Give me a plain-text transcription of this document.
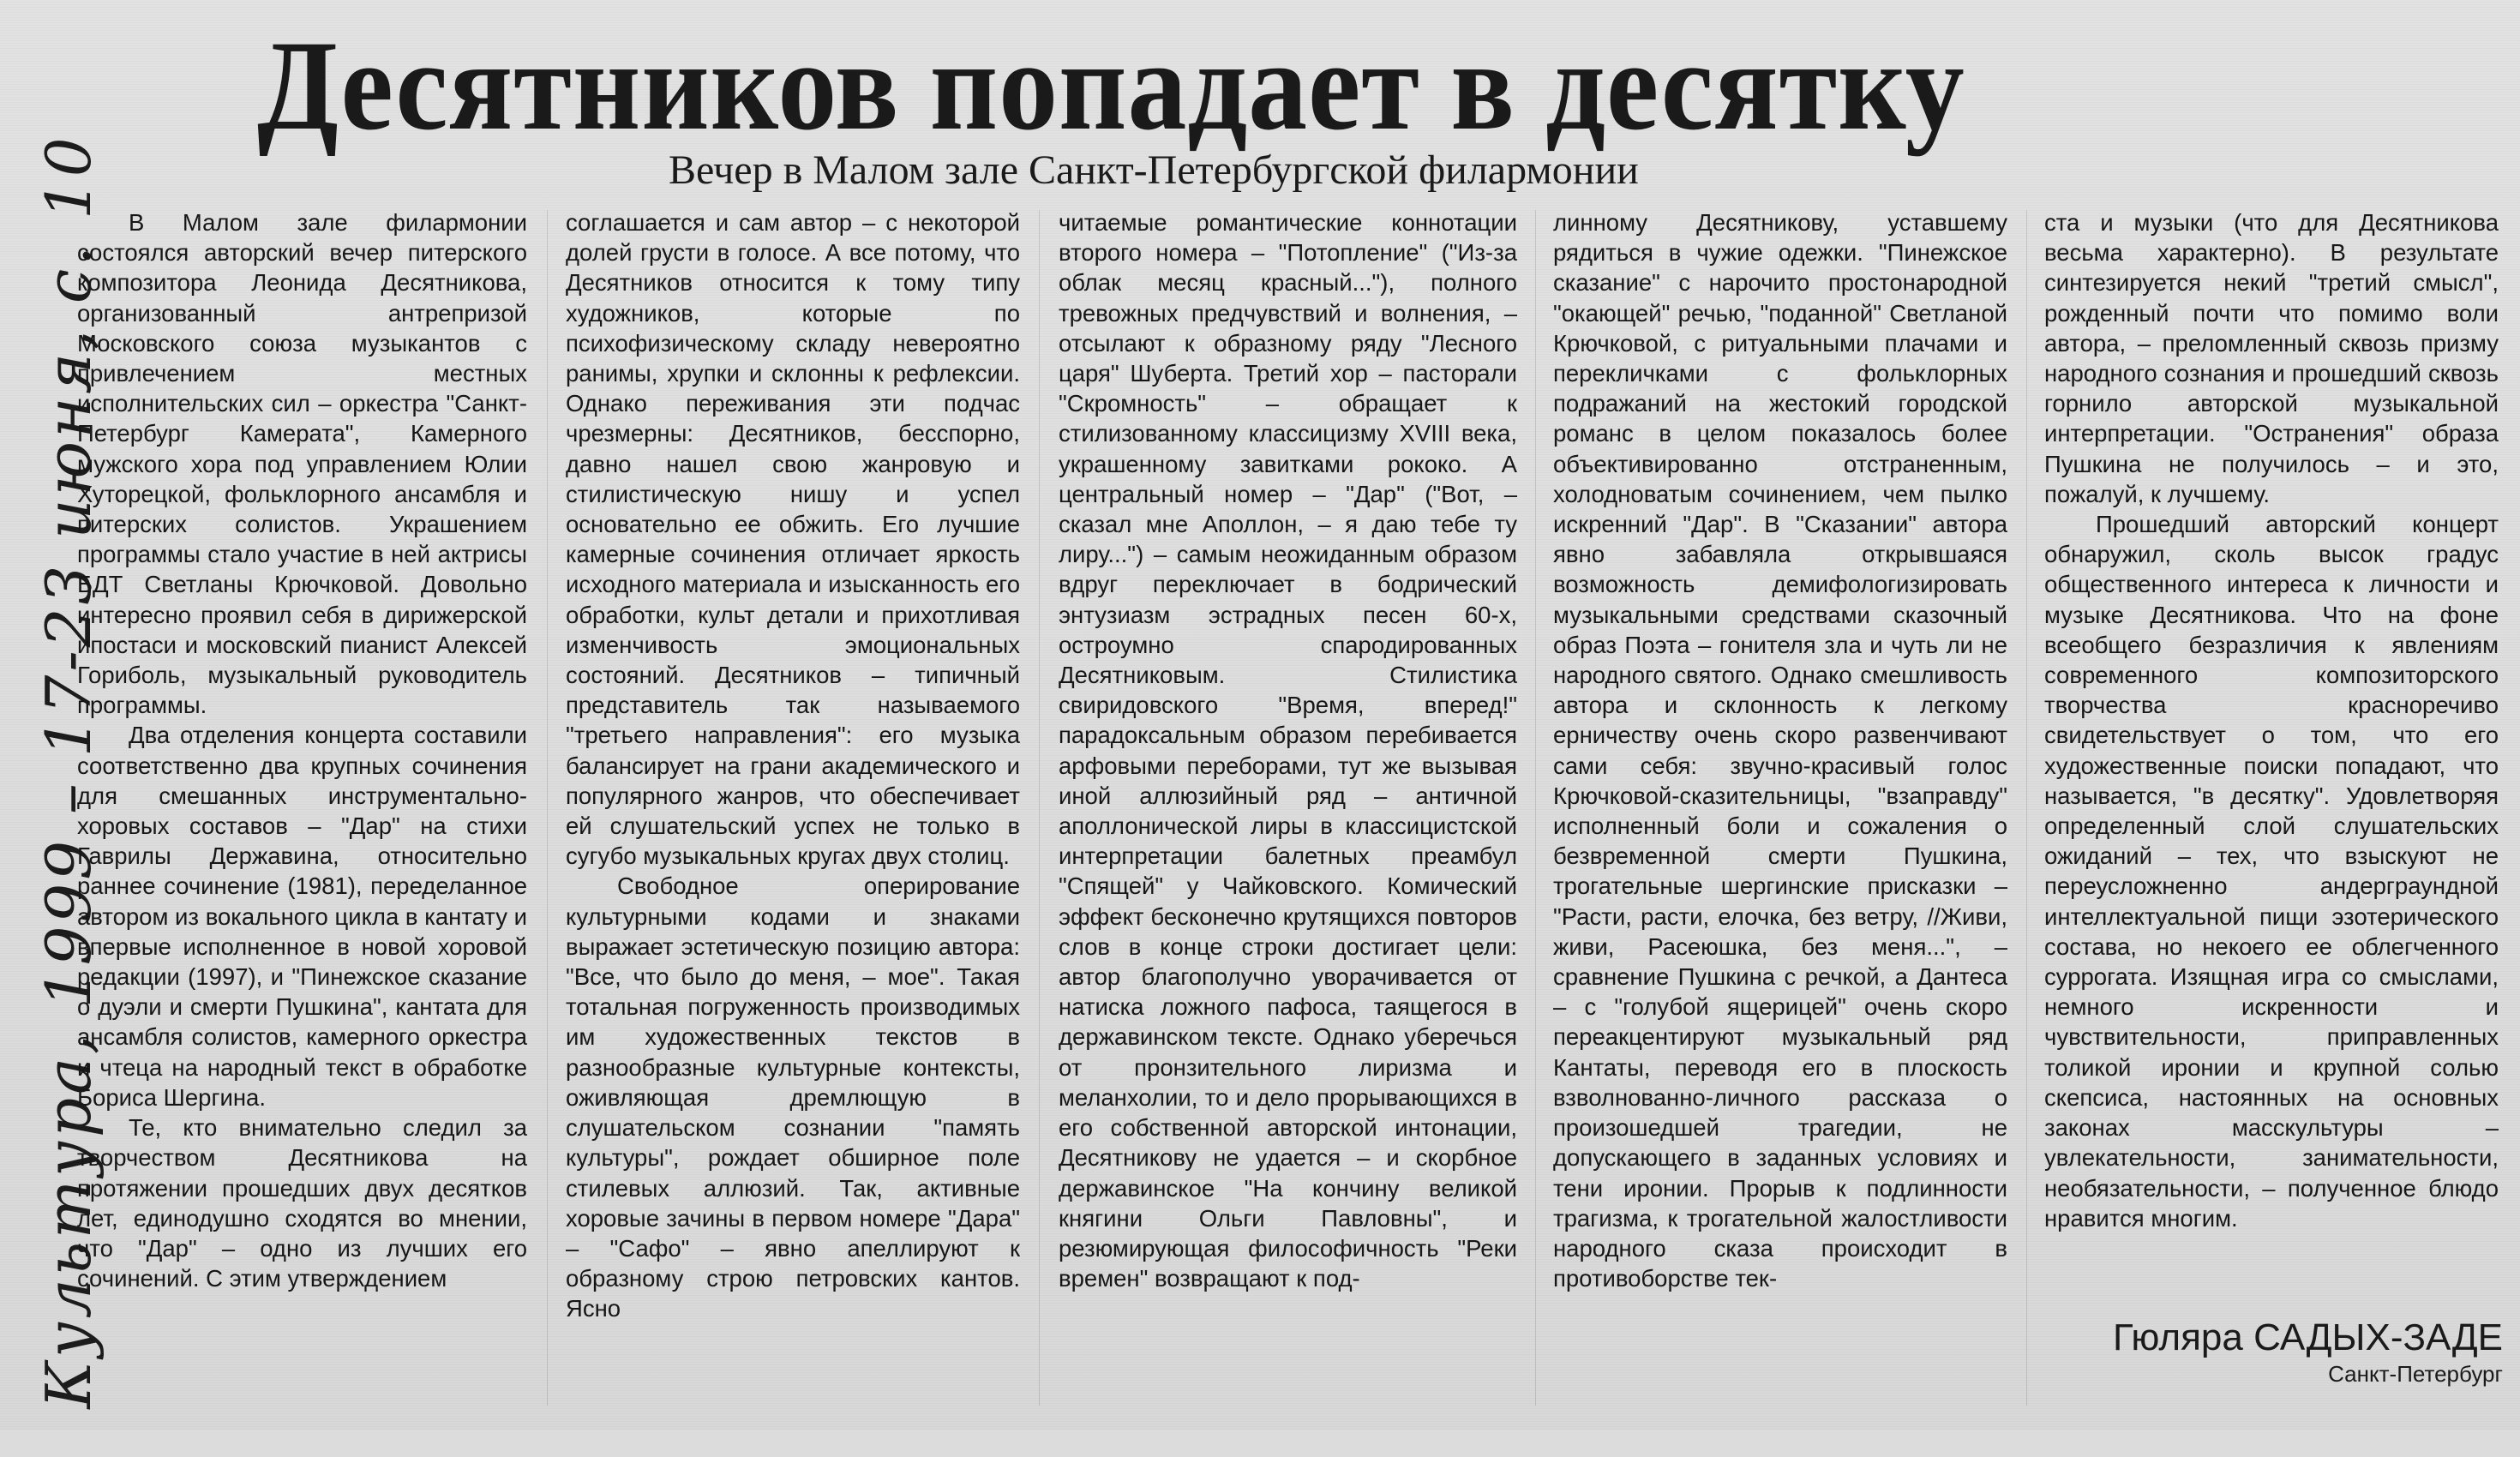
Десятников попадает в десятку
Вечер в Малом зале Санкт-Петербургской филармонии
Культура, 1999 – 17-23 июня, с. 10	В Малом зале филармонии состоялся авторский вечер питерского композитора Леонида Десятникова, организованный антрепризой Московского союза музыкантов с привлечением местных исполнительских сил – оркестра "Санкт-Петербург Камерата", Камерного мужского хора под управлением Юлии Хуторецкой, фольклорного ансамбля и питерских солистов. Украшением программы стало участие в ней актрисы БДТ Светланы Крючковой. Довольно интересно проявил себя в дирижерской ипостаси и московский пианист Алексей Гориболь, музыкальный руководитель программы.

Два отделения концерта составили соответственно два крупных сочинения для смешанных инструментально-хоровых составов – "Дар" на стихи Гаврилы Державина, относительно раннее сочинение (1981), переделанное автором из вокального цикла в кантату и впервые исполненное в новой хоровой редакции (1997), и "Пинежское сказание о дуэли и смерти Пушкина", кантата для ансамбля солистов, камерного оркестра и чтеца на народный текст в обработке Бориса Шергина.

Те, кто внимательно следил за творчеством Десятникова на протяжении прошедших двух десятков лет, единодушно сходятся во мнении, что "Дар" – одно из лучших его сочинений. С этим утверждением

соглашается и сам автор – с некоторой долей грусти в голосе. А все потому, что Десятников относится к тому типу художников, которые по психофизическому складу невероятно ранимы, хрупки и склонны к рефлексии. Однако переживания эти подчас чрезмерны: Десятников, бесспорно, давно нашел свою жанровую и стилистическую нишу и успел основательно ее обжить. Его лучшие камерные сочинения отличает яркость исходного материала и изысканность его обработки, культ детали и прихотливая изменчивость эмоциональных состояний. Десятников – типичный представитель так называемого "третьего направления": его музыка балансирует на грани академического и популярного жанров, что обеспечивает ей слушательский успех не только в сугубо музыкальных кругах двух столиц.

Свободное оперирование культурными кодами и знаками выражает эстетическую позицию автора: "Все, что было до меня, – мое". Такая тотальная погруженность производимых им художественных текстов в разнообразные культурные контексты, оживляющая дремлющую в слушательском сознании "память культуры", рождает обширное поле стилевых аллюзий. Так, активные хоровые зачины в первом номере "Дара" – "Сафо" – явно апеллируют к образному строю петровских кантов. Ясно

читаемые романтические коннотации второго номера – "Потопление" ("Из-за облак месяц красный..."), полного тревожных предчувствий и волнения, – отсылают к образному ряду "Лесного царя" Шуберта. Третий хор – пасторали "Скромность" – обращает к стилизованному классицизму XVIII века, украшенному завитками рококо. А центральный номер – "Дар" ("Вот, – сказал мне Аполлон, – я даю тебе ту лиру...") – самым неожиданным образом вдруг переключает в бодрический энтузиазм эстрадных песен 60-х, остроумно спародированных Десятниковым. Стилистика свиридовского "Время, вперед!" парадоксальным образом перебивается арфовыми переборами, тут же вызывая иной аллюзийный ряд – античной аполлонической лиры в классицистской интерпретации балетных преамбул "Спящей" у Чайковского. Комический эффект бесконечно крутящихся повторов слов в конце строки достигает цели: автор благополучно уворачивается от натиска ложного пафоса, таящегося в державинском тексте. Однако уберечься от пронзительного лиризма и меланхолии, то и дело прорывающихся в его собственной авторской интонации, Десятникову не удается – и скорбное державинское "На кончину великой княгини Ольги Павловны", и резюмирующая философичность "Реки времен" возвращают к под-

линному Десятникову, уставшему рядиться в чужие одежки. "Пинежское сказание" с нарочито простонародной "окающей" речью, "поданной" Светланой Крючковой, с ритуальными плачами и перекличками с фольклорных подражаний на жестокий городской романс в целом показалось более объективированно отстраненным, холодноватым сочинением, чем пылко искренний "Дар". В "Сказании" автора явно забавляла открывшаяся возможность демифологизировать музыкальными средствами сказочный образ Поэта – гонителя зла и чуть ли не народного святого. Однако смешливость автора и склонность к легкому ерничеству очень скоро развенчивают сами себя: звучно-красивый голос Крючковой-сказительницы, "взаправду" исполненный боли и сожаления о безвременной смерти Пушкина, трогательные шергинские присказки – "Расти, расти, елочка, без ветру, //Живи, живи, Расеюшка, без меня...", – сравнение Пушкина с речкой, а Дантеса – с "голубой ящерицей" очень скоро переакцентируют музыкальный ряд Кантаты, переводя его в плоскость взволнованно-личного рассказа о произошедшей трагедии, не допускающего в заданных условиях и тени иронии. Прорыв к подлинности трагизма, к трогательной жалостливости народного сказа происходит в противоборстве тек-

ста и музыки (что для Десятникова весьма характерно). В результате синтезируется некий "третий смысл", рожденный почти что помимо воли автора, – преломленный сквозь призму народного сознания и прошедший сквозь горнило авторской музыкальной интерпретации. "Остранения" образа Пушкина не получилось – и это, пожалуй, к лучшему.

Прошедший авторский концерт обнаружил, сколь высок градус общественного интереса к личности и музыке Десятникова. Что на фоне всеобщего безразличия к явлениям современного композиторского творчества красноречиво свидетельствует о том, что его художественные поиски попадают, что называется, "в десятку". Удовлетворяя определенный слой слушательских ожиданий – тех, что взыскуют не переусложненно андерграундной интеллектуальной пищи эзотерического состава, но некоего ее облегченного суррогата. Изящная игра со смыслами, немного искренности и чувствительности, приправленных толикой иронии и крупной солью скепсиса, настоянных на основных законах масскультуры – увлекательности, занимательности, необязательности, – полученное блюдо нравится многим.

Гюляра САДЫХ-ЗАДЕ
Санкт-Петербург
